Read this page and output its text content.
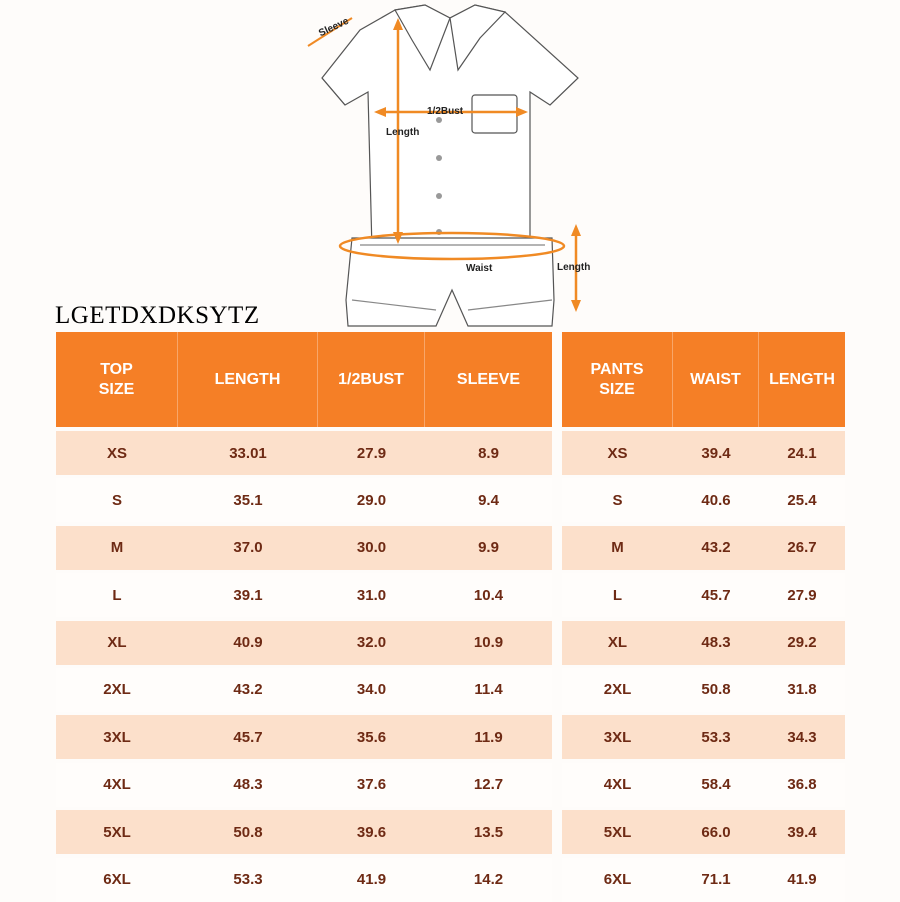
Sleeve
1/2Bust
Length
Waist	Length
LGETDXDKSYTZ
TOP
SIZE
LENGTH	1/2BUST	SLEEVE
XS	33.01	27.9	8.9
S	35.1	29.0	9.4
M	37.0	30.0	9.9
L	39.1	31.0	10.4
XL	40.9	32.0	10.9
2XL	43.2	34.0	11.4
3XL	45.7	35.6	11.9
4XL	48.3	37.6	12.7
5XL	50.8	39.6	13.5
6XL	53.3	41.9	14.2
PANTS
SIZE
WAIST	LENGTH
XS	39.4	24.1
S	40.6	25.4
M	43.2	26.7
L	45.7	27.9
XL	48.3	29.2
2XL	50.8	31.8
3XL	53.3	34.3
4XL	58.4	36.8
5XL	66.0	39.4
6XL	71.1	41.9
